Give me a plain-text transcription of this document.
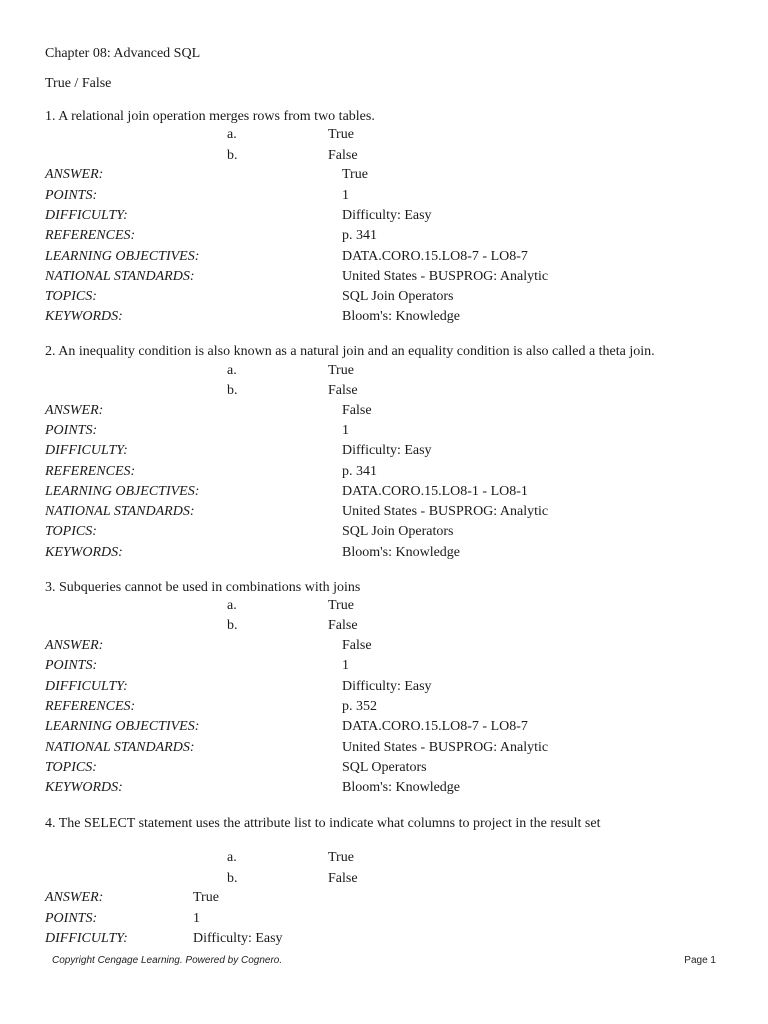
Chapter 08: Advanced SQL
True / False
1. A relational join operation merges rows from two tables.
a.	True
b.	False
ANSWER:	True
POINTS:	1
DIFFICULTY:	Difficulty: Easy
REFERENCES:	p. 341
LEARNING OBJECTIVES:	DATA.CORO.15.LO8-7 - LO8-7
NATIONAL STANDARDS:	United States - BUSPROG: Analytic
TOPICS:	SQL Join Operators
KEYWORDS:	Bloom's: Knowledge
2. An inequality condition is also known as a natural join and an equality condition is also called a theta join.
a.	True
b.	False
ANSWER:	False
POINTS:	1
DIFFICULTY:	Difficulty: Easy
REFERENCES:	p. 341
LEARNING OBJECTIVES:	DATA.CORO.15.LO8-1 - LO8-1
NATIONAL STANDARDS:	United States - BUSPROG: Analytic
TOPICS:	SQL Join Operators
KEYWORDS:	Bloom's: Knowledge
3. Subqueries cannot be used in combinations with joins
a.	True
b.	False
ANSWER:	False
POINTS:	1
DIFFICULTY:	Difficulty: Easy
REFERENCES:	p. 352
LEARNING OBJECTIVES:	DATA.CORO.15.LO8-7 - LO8-7
NATIONAL STANDARDS:	United States - BUSPROG: Analytic
TOPICS:	SQL Operators
KEYWORDS:	Bloom's: Knowledge
4. The SELECT statement uses the attribute list to indicate what columns to project in the result set
a.	True
b.	False
ANSWER:	True
POINTS:	1
DIFFICULTY:	Difficulty: Easy
Copyright Cengage Learning. Powered by Cognero.	Page 1
